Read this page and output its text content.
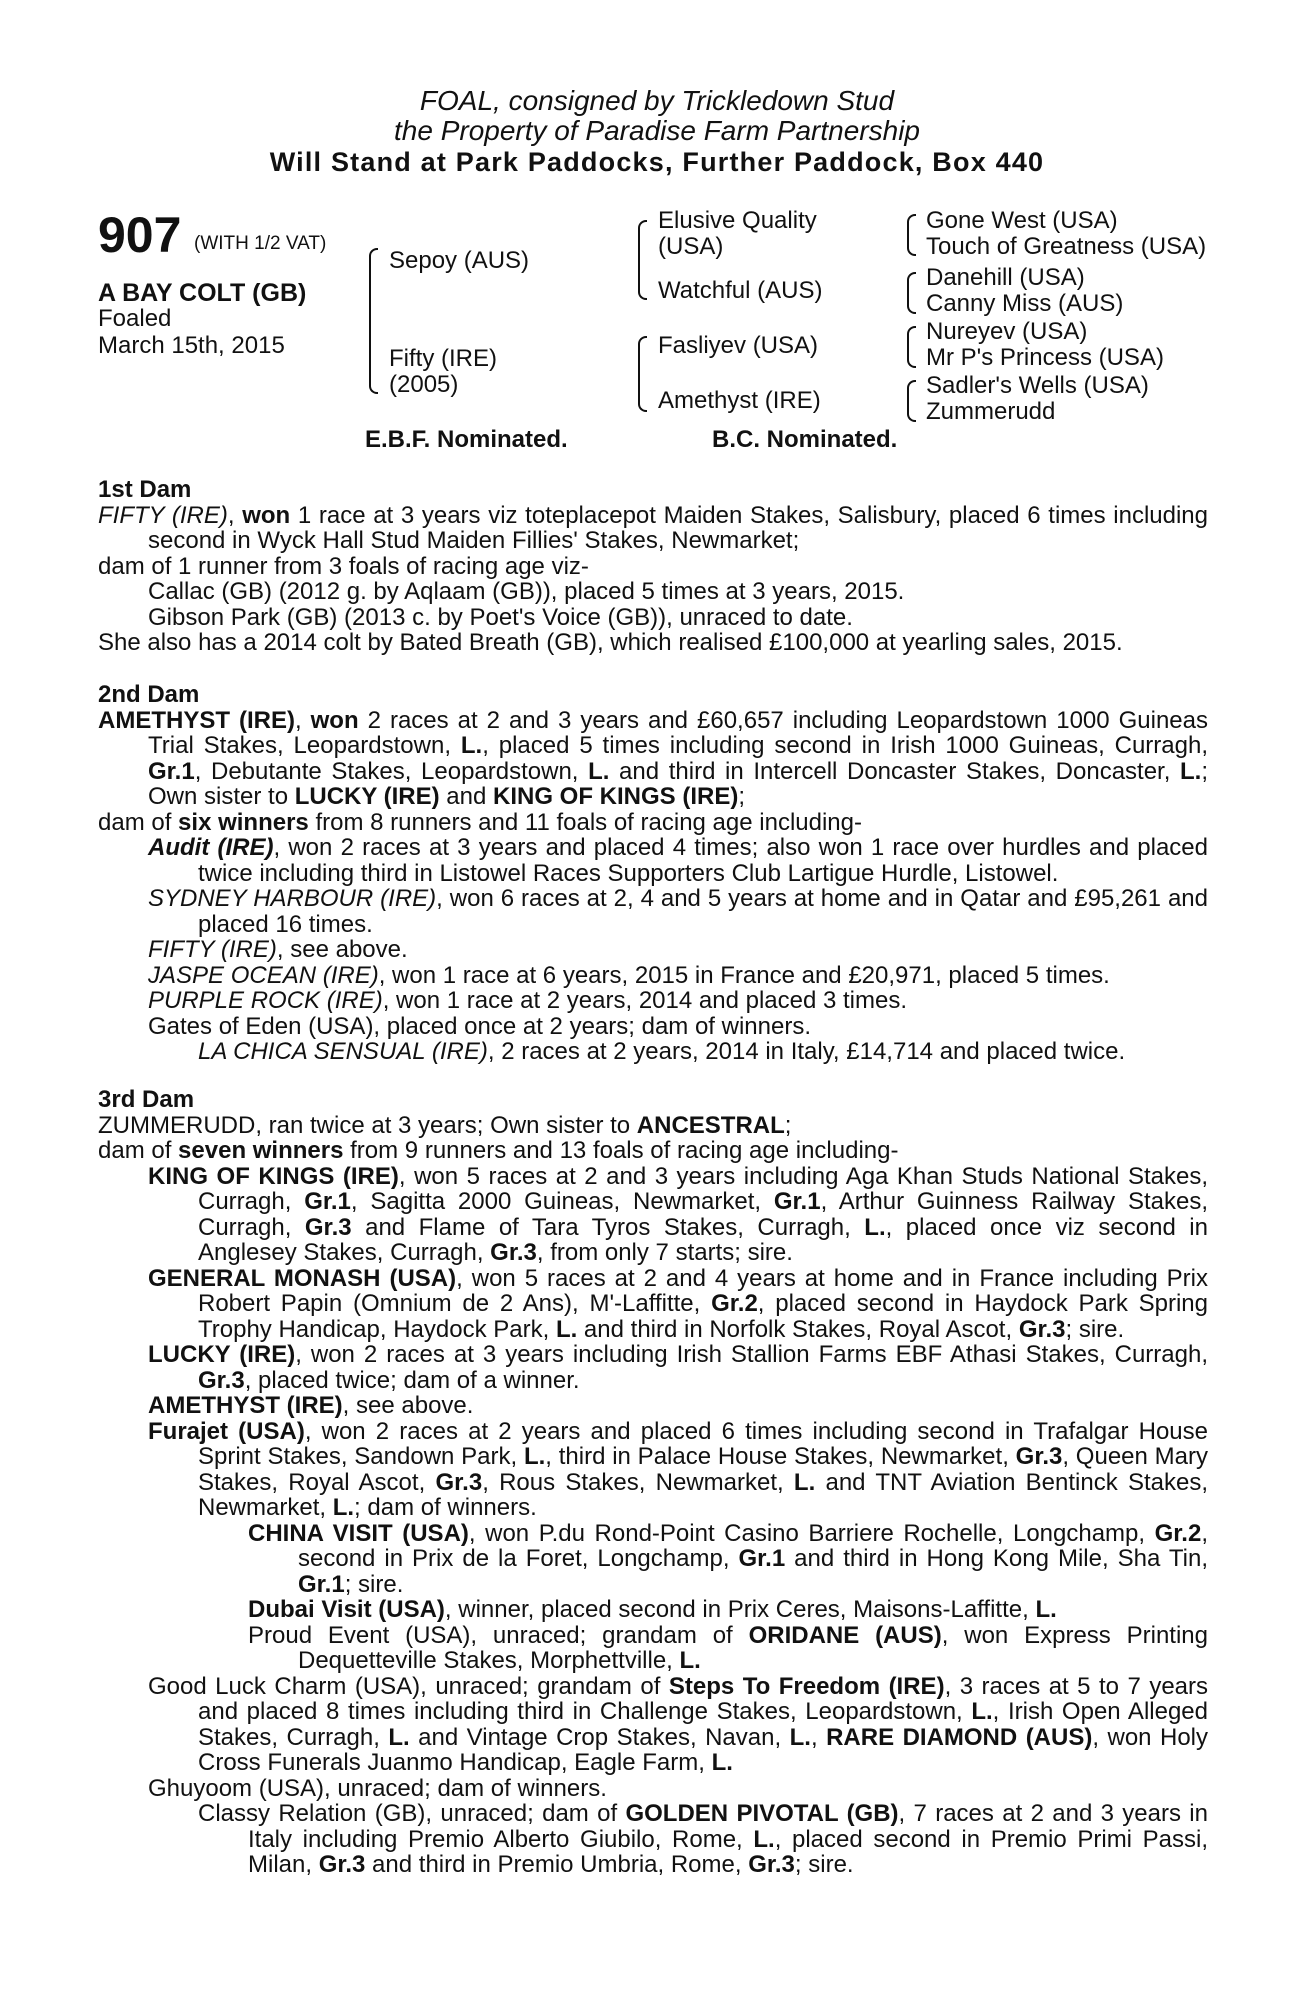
FOAL, consigned by Trickledown Stud
the Property of Paradise Farm Partnership
Will Stand at Park Paddocks, Further Paddock, Box 440
907 (WITH 1/2 VAT)
A BAY COLT (GB)
Foaled
March 15th, 2015
Sepoy (AUS)
Fifty (IRE)
(2005)
Elusive Quality
(USA)
Watchful (AUS)
Fasliyev (USA)
Amethyst (IRE)
Gone West (USA)
Touch of Greatness (USA)
Danehill (USA)
Canny Miss (AUS)
Nureyev (USA)
Mr P's Princess (USA)
Sadler's Wells (USA)
Zummerudd
E.B.F. Nominated.	B.C. Nominated.

1st Dam

FIFTY (IRE), won 1 race at 3 years viz toteplacepot Maiden Stakes, Salisbury, placed 6 times including second in Wyck Hall Stud Maiden Fillies' Stakes, Newmarket;

dam of 1 runner from 3 foals of racing age viz-

Callac (GB) (2012 g. by Aqlaam (GB)), placed 5 times at 3 years, 2015.

Gibson Park (GB) (2013 c. by Poet's Voice (GB)), unraced to date.

She also has a 2014 colt by Bated Breath (GB), which realised £100,000 at yearling sales, 2015.

2nd Dam

AMETHYST (IRE), won 2 races at 2 and 3 years and £60,657 including Leopardstown 1000 Guineas Trial Stakes, Leopardstown, L., placed 5 times including second in Irish 1000 Guineas, Curragh, Gr.1, Debutante Stakes, Leopardstown, L. and third in Intercell Doncaster Stakes, Doncaster, L.; Own sister to LUCKY (IRE) and KING OF KINGS (IRE);

dam of six winners from 8 runners and 11 foals of racing age including-

Audit (IRE), won 2 races at 3 years and placed 4 times; also won 1 race over hurdles and placed twice including third in Listowel Races Supporters Club Lartigue Hurdle, Listowel.

SYDNEY HARBOUR (IRE), won 6 races at 2, 4 and 5 years at home and in Qatar and £95,261 and placed 16 times.

FIFTY (IRE), see above.

JASPE OCEAN (IRE), won 1 race at 6 years, 2015 in France and £20,971, placed 5 times.

PURPLE ROCK (IRE), won 1 race at 2 years, 2014 and placed 3 times.

Gates of Eden (USA), placed once at 2 years; dam of winners.

LA CHICA SENSUAL (IRE), 2 races at 2 years, 2014 in Italy, £14,714 and placed twice.

3rd Dam

ZUMMERUDD, ran twice at 3 years; Own sister to ANCESTRAL;

dam of seven winners from 9 runners and 13 foals of racing age including-

KING OF KINGS (IRE), won 5 races at 2 and 3 years including Aga Khan Studs National Stakes, Curragh, Gr.1, Sagitta 2000 Guineas, Newmarket, Gr.1, Arthur Guinness Railway Stakes, Curragh, Gr.3 and Flame of Tara Tyros Stakes, Curragh, L., placed once viz second in Anglesey Stakes, Curragh, Gr.3, from only 7 starts; sire.

GENERAL MONASH (USA), won 5 races at 2 and 4 years at home and in France including Prix Robert Papin (Omnium de 2 Ans), M'-Laffitte, Gr.2, placed second in Haydock Park Spring Trophy Handicap, Haydock Park, L. and third in Norfolk Stakes, Royal Ascot, Gr.3; sire.

LUCKY (IRE), won 2 races at 3 years including Irish Stallion Farms EBF Athasi Stakes, Curragh, Gr.3, placed twice; dam of a winner.

AMETHYST (IRE), see above.

Furajet (USA), won 2 races at 2 years and placed 6 times including second in Trafalgar House Sprint Stakes, Sandown Park, L., third in Palace House Stakes, Newmarket, Gr.3, Queen Mary Stakes, Royal Ascot, Gr.3, Rous Stakes, Newmarket, L. and TNT Aviation Bentinck Stakes, Newmarket, L.; dam of winners.

CHINA VISIT (USA), won P.du Rond-Point Casino Barriere Rochelle, Longchamp, Gr.2, second in Prix de la Foret, Longchamp, Gr.1 and third in Hong Kong Mile, Sha Tin, Gr.1; sire.

Dubai Visit (USA), winner, placed second in Prix Ceres, Maisons-Laffitte, L.

Proud Event (USA), unraced; grandam of ORIDANE (AUS), won Express Printing Dequetteville Stakes, Morphettville, L.

Good Luck Charm (USA), unraced; grandam of Steps To Freedom (IRE), 3 races at 5 to 7 years and placed 8 times including third in Challenge Stakes, Leopardstown, L., Irish Open Alleged Stakes, Curragh, L. and Vintage Crop Stakes, Navan, L., RARE DIAMOND (AUS), won Holy Cross Funerals Juanmo Handicap, Eagle Farm, L.

Ghuyoom (USA), unraced; dam of winners.

Classy Relation (GB), unraced; dam of GOLDEN PIVOTAL (GB), 7 races at 2 and 3 years in Italy including Premio Alberto Giubilo, Rome, L., placed second in Premio Primi Passi, Milan, Gr.3 and third in Premio Umbria, Rome, Gr.3; sire.
